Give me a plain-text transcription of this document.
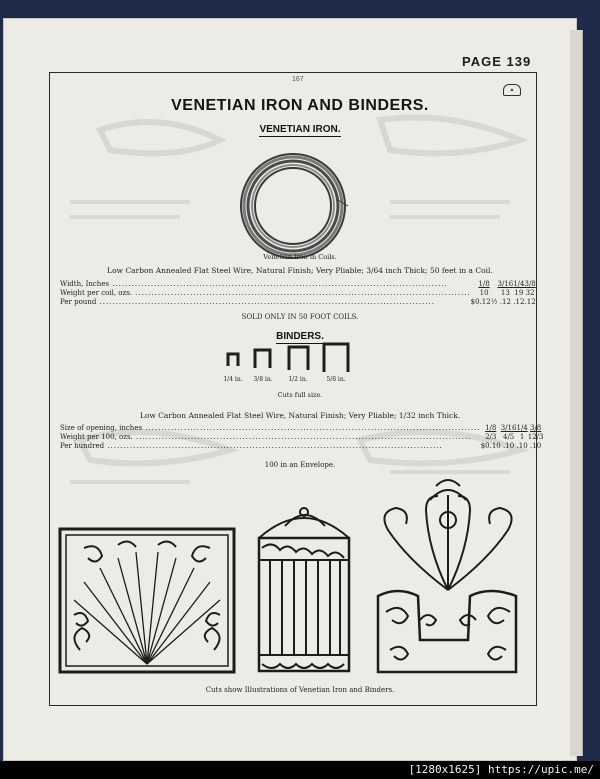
PAGE 139
167
▲
VENETIAN IRON AND BINDERS.
VENETIAN IRON.
Venetian Iron in Coils.
Low Carbon Annealed Flat Steel Wire, Natural Finish; Very Pliable; 3/64 inch Thick; 50 feet in a Coil.
Width, Inches .....	1/8	3/16	1/4	3/8
Weight per coil, ozs. .....	10	13	19	32
Per pound .....	$0.12½	.12	.12	.12
SOLD ONLY IN 50 FOOT COILS.
BINDERS.
1/4 in.	3/8 in.	1/2 in.	5/8 in.
Cuts full size.
Low Carbon Annealed Flat Steel Wire, Natural Finish; Very Pliable; 1/32 inch Thick.
Size of opening, inches .....	1/8	3/16	1/4	3/8
Weight per 100, ozs. .....	2/3	4/5	1	12/3
Per hundred .....	$0.10	.10	.10	.10
100 in an Envelope.
Cuts show Illustrations of Venetian Iron and Binders.
[1280x1625] https://upic.me/
